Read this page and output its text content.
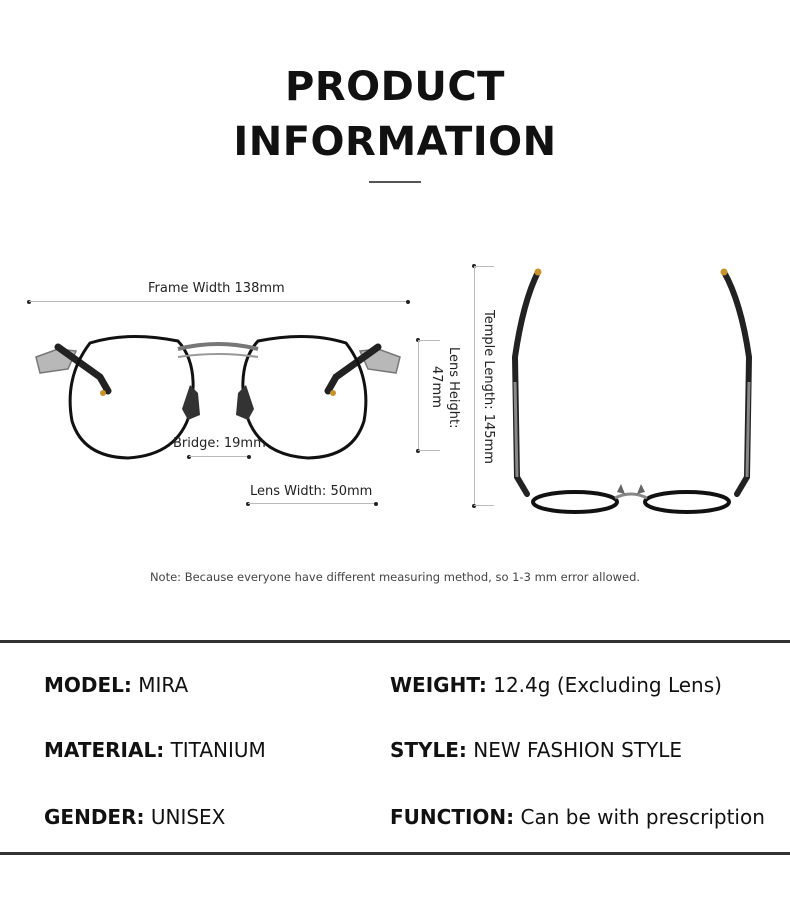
PRODUCT
INFORMATION
Frame Width 138mm
Lens Height:
47mm
Bridge: 19mm
Lens Width: 50mm
Temple Length: 145mm
Note: Because everyone have different measuring method, so 1-3 mm error allowed.
MODEL: MIRA	WEIGHT: 12.4g (Excluding Lens)
MATERIAL: TITANIUM	STYLE: NEW FASHION STYLE
GENDER: UNISEX	FUNCTION: Can be with prescription
